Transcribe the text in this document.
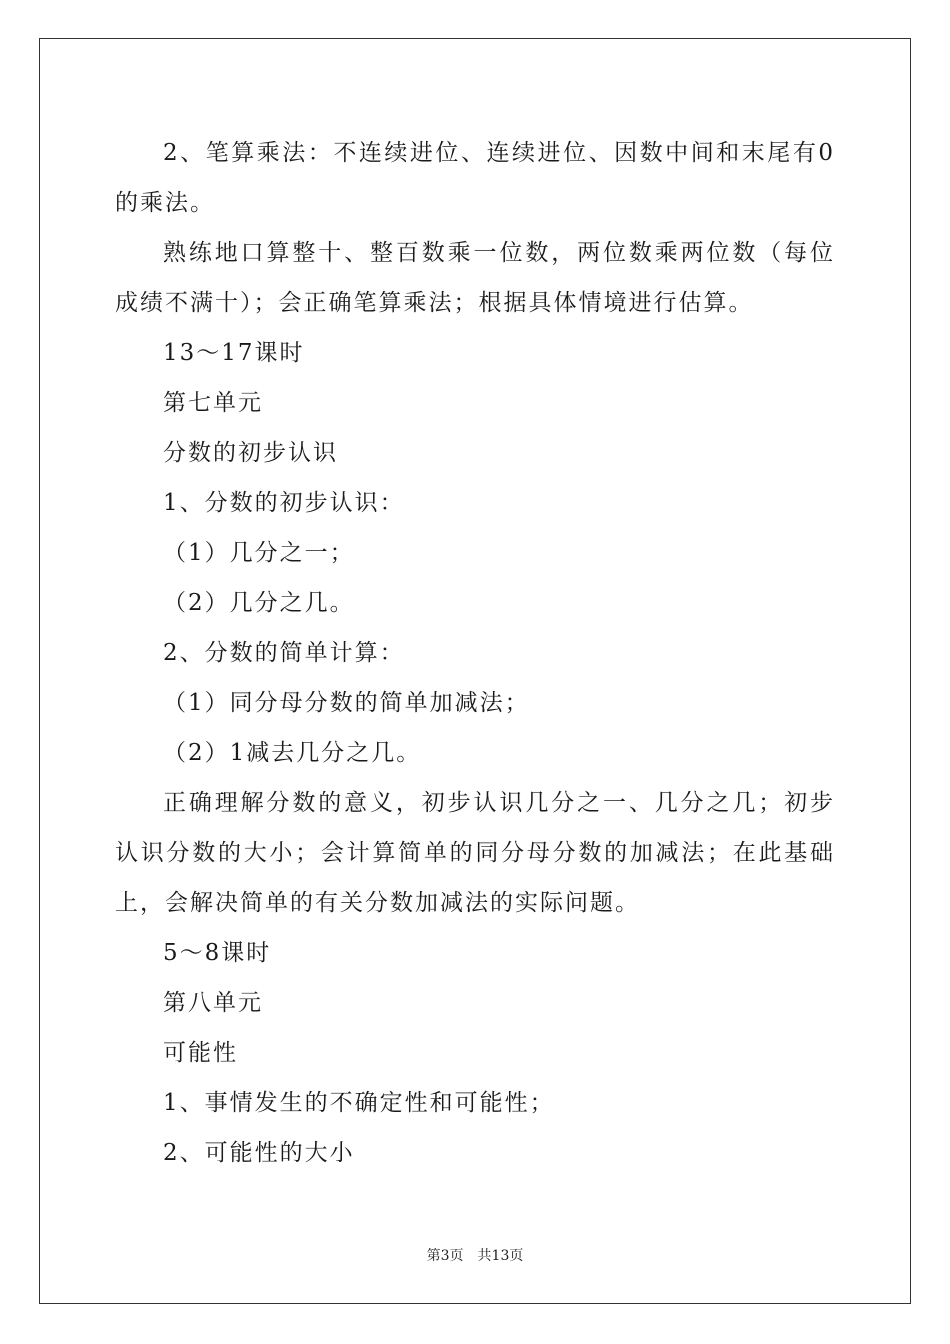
2、笔算乘法：不连续进位、连续进位、因数中间和末尾有0的乘法。

熟练地口算整十、整百数乘一位数，两位数乘两位数（每位成绩不满十）；会正确笔算乘法；根据具体情境进行估算。

13～17课时

第七单元

分数的初步认识

1、分数的初步认识：

（1）几分之一；

（2）几分之几。

2、分数的简单计算：

（1）同分母分数的简单加减法；

（2）1减去几分之几。

正确理解分数的意义，初步认识几分之一、几分之几；初步认识分数的大小；会计算简单的同分母分数的加减法；在此基础上，会解决简单的有关分数加减法的实际问题。

5～8课时

第八单元

可能性

1、事情发生的不确定性和可能性；

2、可能性的大小

第3页 共13页
